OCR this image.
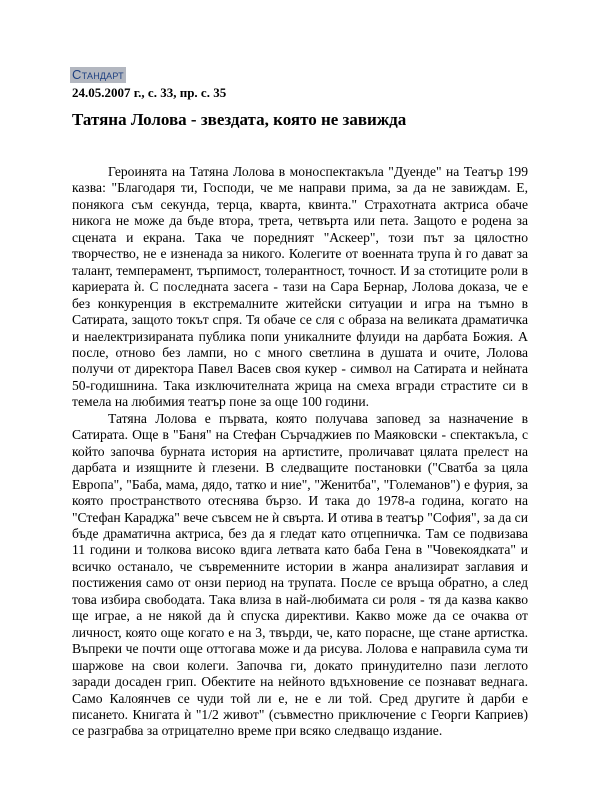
Стандарт
24.05.2007 г., с. 33, пр. с. 35
Татяна Лолова - звездата, която не завижда

Героинята на Татяна Лолова в моноспектакъла "Дуенде" на Театър 199 казва: "Благодаря ти, Господи, че ме направи прима, за да не завиждам. Е, понякога съм секунда, терца, кварта, квинта." Страхотната актриса обаче никога не може да бъде втора, трета, четвърта или пета. Защото е родена за сцената и екрана. Така че поредният "Аскеер", този път за цялостно творчество, не е изненада за никого. Колегите от военната трупа ѝ го дават за талант, темперамент, търпимост, толерантност, точност. И за стотиците роли в кариерата ѝ. С последната засега - тази на Сара Бернар, Лолова доказа, че е без конкуренция в екстремалните житейски ситуации и игра на тъмно в Сатирата, защото токът спря. Тя обаче се сля с образа на великата драматичка и наелектризираната публика попи уникалните флуиди на дарбата Божия. А после, отново без лампи, но с много светлина в душата и очите, Лолова получи от директора Павел Васев своя кукер - символ на Сатирата и нейната 50-годишнина. Така изключителната жрица на смеха вгради страстите си в темела на любимия театър поне за още 100 години.

Татяна Лолова е първата, която получава заповед за назначение в Сатирата. Още в "Баня" на Стефан Сърчаджиев по Маяковски - спектакъла, с който започва бурната история на артистите, проличават цялата прелест на дарбата и изящните ѝ глезени. В следващите постановки ("Сватба за цяла Европа", "Баба, мама, дядо, татко и ние", "Женитба", "Големанов") е фурия, за която пространството отеснява бързо. И така до 1978-а година, когато на "Стефан Караджа" вече съвсем не ѝ свърта. И отива в театър "София", за да си бъде драматична актриса, без да я гледат като отцепничка. Там се подвизава 11 години и толкова високо вдига летвата като баба Гена в "Човекоядката" и всичко останало, че съвременните истории в жанра анализират заглавия и постижения само от онзи период на трупата. После се връща обратно, а след това избира свободата. Така влиза в най-любимата си роля - тя да казва какво ще играе, а не някой да ѝ спуска директиви. Какво може да се очаква от личност, която още когато е на 3, твърди, че, като порасне, ще стане артистка. Въпреки че почти още оттогава може и да рисува. Лолова е направила сума ти шаржове на свои колеги. Започва ги, докато принудително пази леглото заради досаден грип. Обектите на нейното вдъхновение се познават веднага. Само Калоянчев се чуди той ли е, не е ли той. Сред другите ѝ дарби е писането. Книгата ѝ "1/2 живот" (съвместно приключение с Георги Каприев) се разграбва за отрицателно време при всяко следващо издание.
